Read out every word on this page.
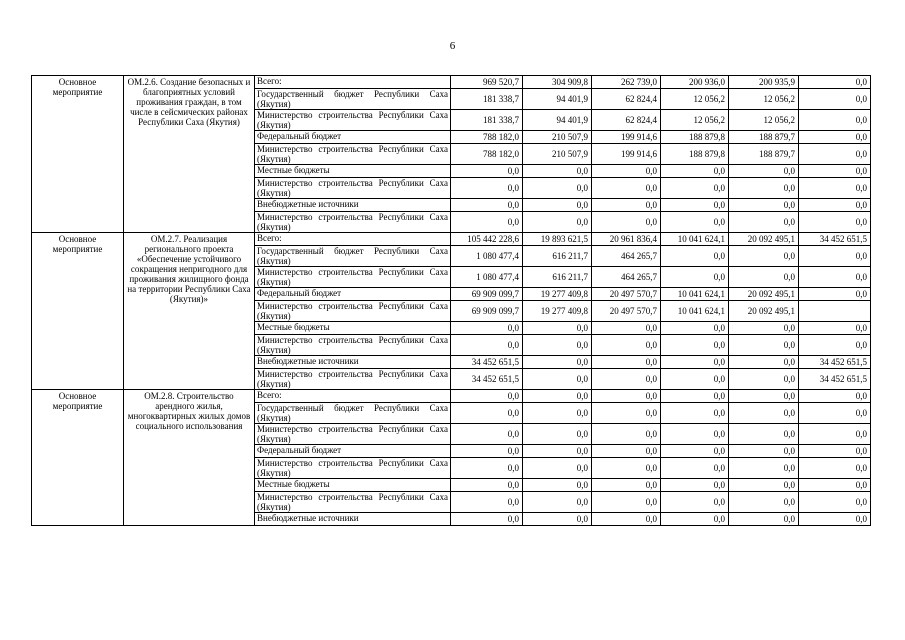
6
Основное мероприятие	ОМ.2.6. Создание безопасных и благоприятных условий проживания граждан, в том числе в сейсмических районах Республики Саха (Якутия)	Всего:	969 520,7	304 909,8	262 739,0	200 936,0	200 935,9	0,0
		Государственный бюджет Республики Саха (Якутия)	181 338,7	94 401,9	62 824,4	12 056,2	12 056,2	0,0
		Министерство строительства Республики Саха (Якутия)	181 338,7	94 401,9	62 824,4	12 056,2	12 056,2	0,0
		Федеральный бюджет	788 182,0	210 507,9	199 914,6	188 879,8	188 879,7	0,0
		Министерство строительства Республики Саха (Якутия)	788 182,0	210 507,9	199 914,6	188 879,8	188 879,7	0,0
		Местные бюджеты	0,0	0,0	0,0	0,0	0,0	0,0
		Министерство строительства Республики Саха (Якутия)	0,0	0,0	0,0	0,0	0,0	0,0
		Внебюджетные источники	0,0	0,0	0,0	0,0	0,0	0,0
		Министерство строительства Республики Саха (Якутия)	0,0	0,0	0,0	0,0	0,0	0,0
Основное мероприятие	ОМ.2.7. Реализация регионального проекта «Обеспечение устойчивого сокращения непригодного для проживания жилищного фонда на территории Республики Саха (Якутия)»	Всего:	105 442 228,6	19 893 621,5	20 961 836,4	10 041 624,1	20 092 495,1	34 452 651,5
		Государственный бюджет Республики Саха (Якутия)	1 080 477,4	616 211,7	464 265,7	0,0	0,0	0,0
		Министерство строительства Республики Саха (Якутия)	1 080 477,4	616 211,7	464 265,7	0,0	0,0	0,0
		Федеральный бюджет	69 909 099,7	19 277 409,8	20 497 570,7	10 041 624,1	20 092 495,1	0,0
		Министерство строительства Республики Саха (Якутия)	69 909 099,7	19 277 409,8	20 497 570,7	10 041 624,1	20 092 495,1	
		Местные бюджеты	0,0	0,0	0,0	0,0	0,0	0,0
		Министерство строительства Республики Саха (Якутия)	0,0	0,0	0,0	0,0	0,0	0,0
		Внебюджетные источники	34 452 651,5	0,0	0,0	0,0	0,0	34 452 651,5
		Министерство строительства Республики Саха (Якутия)	34 452 651,5	0,0	0,0	0,0	0,0	34 452 651,5
Основное мероприятие	ОМ.2.8. Строительство арендного жилья, многоквартирных жилых домов социального использования	Всего:	0,0	0,0	0,0	0,0	0,0	0,0
		Государственный бюджет Республики Саха (Якутия)	0,0	0,0	0,0	0,0	0,0	0,0
		Министерство строительства Республики Саха (Якутия)	0,0	0,0	0,0	0,0	0,0	0,0
		Федеральный бюджет	0,0	0,0	0,0	0,0	0,0	0,0
		Министерство строительства Республики Саха (Якутия)	0,0	0,0	0,0	0,0	0,0	0,0
		Местные бюджеты	0,0	0,0	0,0	0,0	0,0	0,0
		Министерство строительства Республики Саха (Якутия)	0,0	0,0	0,0	0,0	0,0	0,0
		Внебюджетные источники	0,0	0,0	0,0	0,0	0,0	0,0
